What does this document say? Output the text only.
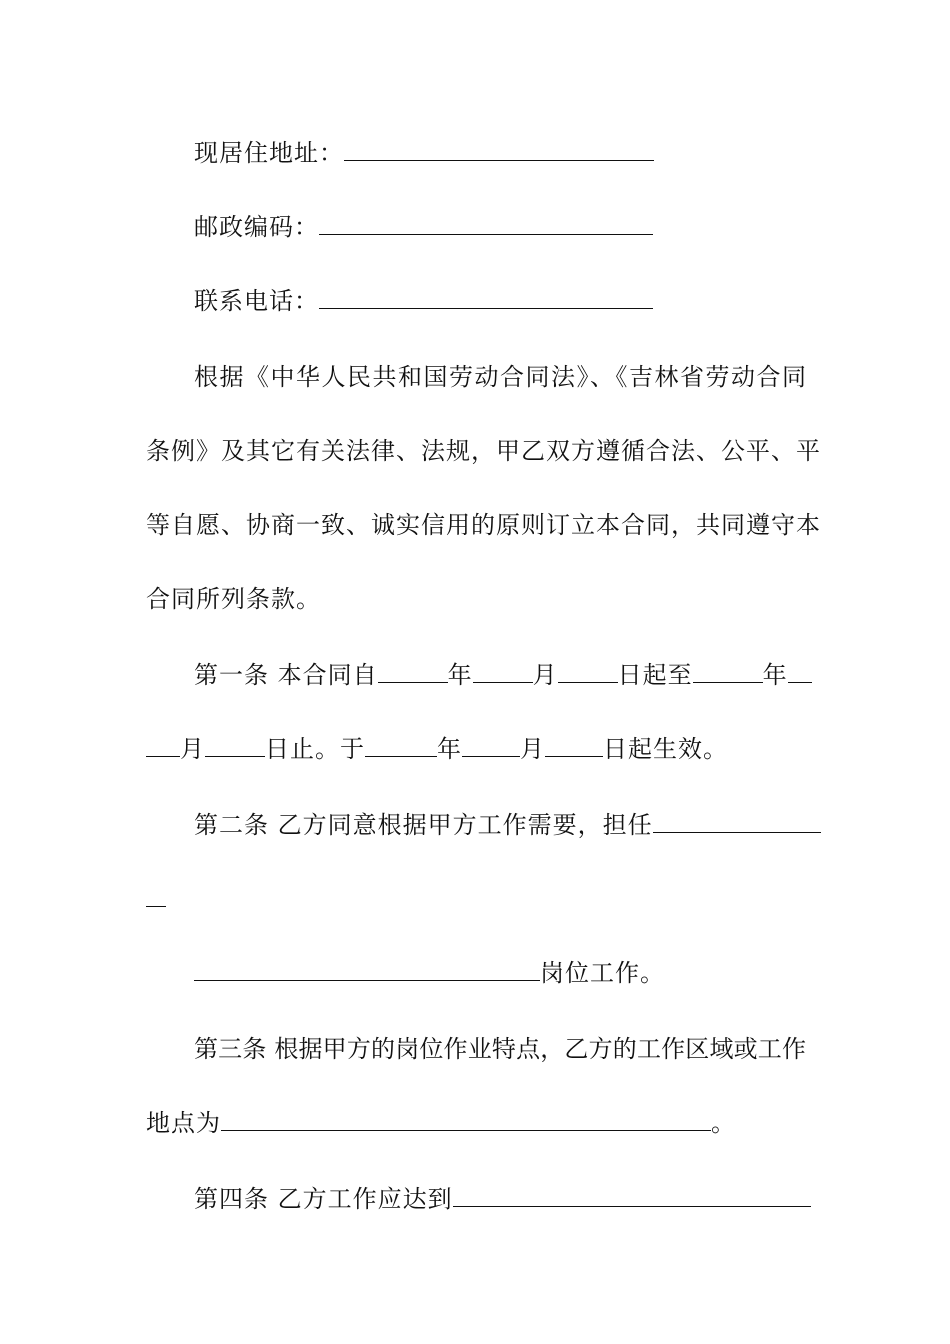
现居住地址：
邮政编码：
联系电话：
根据《中华人民共和国劳动合同法》、《吉林省劳动合同
条例》及其它有关法律、法规，甲乙双方遵循合法、公平、平
等自愿、协商一致、诚实信用的原则订立本合同，共同遵守本
合同所列条款。
第一条 本合同自	年	月	日起至	年
月	日止。于	年 月 日起生效。
第二条 乙方同意根据甲方工作需要，担任
岗位工作。
第三条 根据甲方的岗位作业特点，乙方的工作区域或工作
地点为	。
第四条 乙方工作应达到
